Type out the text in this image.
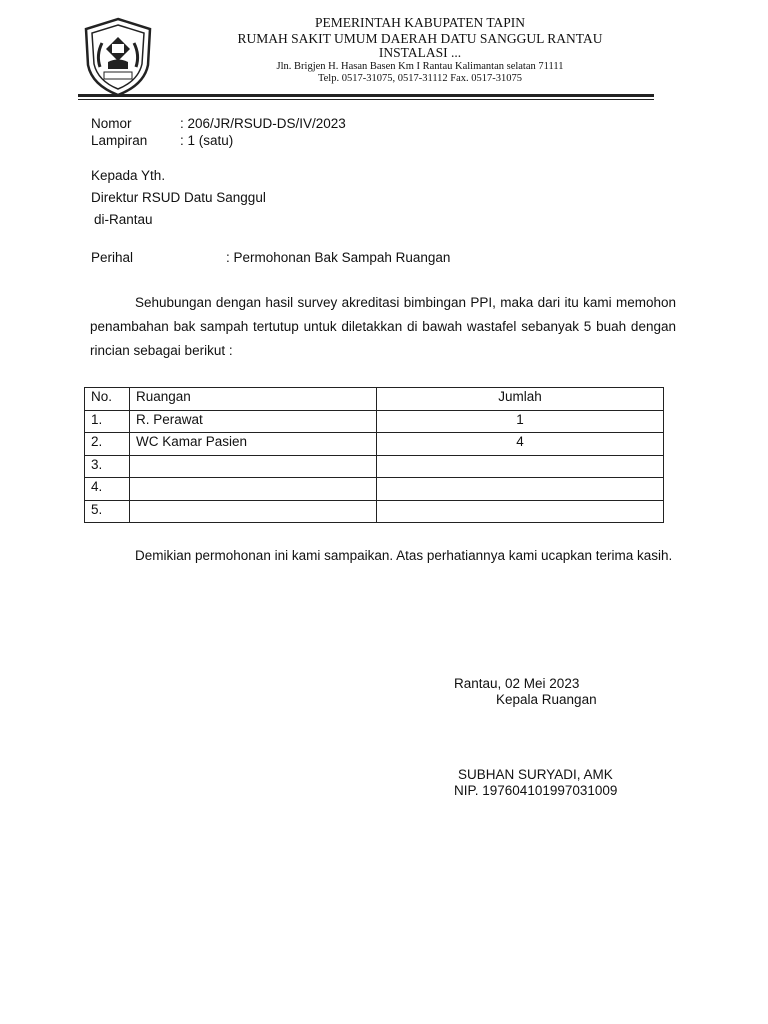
PEMERINTAH KABUPATEN TAPIN
RUMAH SAKIT UMUM DAERAH DATU SANGGUL RANTAU
INSTALASI ...
Jln. Brigjen H. Hasan Basen Km I Rantau Kalimantan selatan 71111
Telp. 0517-31075, 0517-31112 Fax. 0517-31075
Nomor	: 206/JR/RSUD-DS/IV/2023
Lampiran : 1 (satu)
Kepada Yth.
Direktur RSUD Datu Sanggul
di-Rantau
Perihal	: Permohonan Bak Sampah Ruangan
Sehubungan dengan hasil survey akreditasi bimbingan PPI, maka dari itu kami memohon penambahan bak sampah tertutup untuk diletakkan di bawah wastafel sebanyak 5 buah dengan rincian sebagai berikut :
No.	Ruangan	Jumlah
1.	R. Perawat	1
2.	WC Kamar Pasien	4
3.		
4.		
5.		
Demikian permohonan ini kami sampaikan. Atas perhatiannya kami ucapkan terima kasih.
Rantau, 02 Mei 2023
Kepala Ruangan
SUBHAN SURYADI, AMK
NIP. 197604101997031009
